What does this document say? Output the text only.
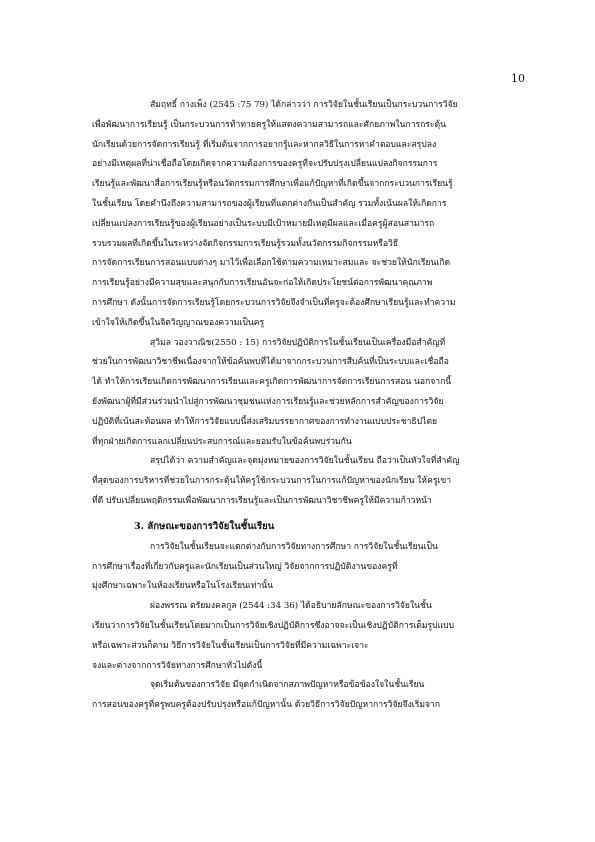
10
สัมฤทธิ์ กางเพ็ง (2545 :75 79) ได้กล่าวว่า การวิจัยในชั้นเรียนเป็นกระบวนการวิจัย
เพื่อพัฒนาการเรียนรู้ เป็นกระบวนการท้าทายครูให้แสดงความสามารถและศักยภาพในการกระตุ้น
นักเรียนด้วยการจัดการเรียนรู้ ที่เริ่มต้นจากการอยากรู้และหากลวิธีในการหาคำตอบและสรุปลง
อย่างมีเหตุผลที่น่าเชื่อถือโดยเกิดจากความต้องการของครูที่จะปรับปรุงเปลี่ยนแปลงกิจกรรมการ
เรียนรู้และพัฒนาสื่อการเรียนรู้หรือนวัตกรรมการศึกษาเพื่อแก้ปัญหาที่เกิดขึ้นจากกระบวนการเรียนรู้
ในชั้นเรียน โดยคำนึงถึงความสามารถของผู้เรียนที่แตกต่างกันเป็นสำคัญ รวมทั้งเน้นผลให้เกิดการ
เปลี่ยนแปลงการเรียนรู้ของผู้เรียนอย่างเป็นระบบมีเป้าหมายมีเหตุมีผลและเมื่อครูผู้สอนสามารถ
รวบรวมผลที่เกิดขึ้นในระหว่างจัดกิจกรรมการเรียนรู้รวมทั้งนวัตกรรมกิจกรรมหรือวิธี
การจัดการเรียนการสอนแบบต่างๆ มาไว้เพื่อเลือกใช้ตามความเหมาะสมและ จะช่วยให้นักเรียนเกิด
การเรียนรู้อย่างมีความสุขและสนุกกับการเรียนอันจะก่อให้เกิดประโยชน์ต่อการพัฒนาคุณภาพ
การศึกษา ดังนั้นการจัดการเรียนรู้โดยกระบวนการวิจัยจึงจำเป็นที่ครูจะต้องศึกษาเรียนรู้และทำความ
เข้าใจให้เกิดขึ้นในจิตวิญญาณของความเป็นครู
สุวิมล วองวาณิช(2550 : 15) การวิจัยปฏิบัติการในชั้นเรียนเป็นเครื่องมือสำคัญที่
ช่วยในการพัฒนาวิชาชีพเนื่องจากให้ข้อค้นพบที่ได้มาจากกระบวนการสืบค้นที่เป็นระบบและเชื่อถือ
ได้ ทำให้การเรียนเกิดการพัฒนาการเรียนและครูเกิดการพัฒนาการจัดการเรียนการสอน นอกจากนี้
ยังพัฒนาผู้ที่มีส่วนร่วมนำไปสู่การพัฒนาชุมชนแห่งการเรียนรู้และช่วยหลักการสำคัญของการวิจัย
ปฏิบัติที่เน้นสะท้อนผล ทำให้การวิจัยแบบนี้ส่งเสริมบรรยากาศของการทำงานแบบประชาธิปไตย
ที่ทุกฝ่ายเกิดการแลกเปลี่ยนประสบการณ์และยอมรับในข้อค้นพบร่วมกัน
สรุปได้ว่า ความสำคัญและจุดมุ่งหมายของการวิจัยในชั้นเรียน ถือว่าเป็นหัวใจที่สำคัญ
ที่สุดของการบริหารที่ช่วยในการกระตุ้นให้ครูใช้กระบวนการในการแก้ปัญหาของนักเรียน ให้ครูเขา
ที่ดี ปรับเปลี่ยนพฤติกรรมเพื่อพัฒนาการเรียนรู้และเป็นการพัฒนาวิชาชีพครูให้มีความก้าวหน้า
3. ลักษณะของการวิจัยในชั้นเรียน
การวิจัยในชั้นเรียนจะแตกต่างกับการวิจัยทางการศึกษา การวิจัยในชั้นเรียนเป็น
การศึกษาเรื่องที่เกี่ยวกับครูและนักเรียนเป็นส่วนใหญ่ วิจัยจากการปฏิบัติงานของครูที่
มุ่งศึกษาเฉพาะในห้องเรียนหรือในโรงเรียนเท่านั้น
ผ่องพรรณ ตรัยมงคลกูล (2544 :34 36) ได้อธิบายลักษณะของการวิจัยในชั้น
เรียนว่าการวิจัยในชั้นเรียนโดยมากเป็นการวิจัยเชิงปฏิบัติการซึ่งอาจจะเป็นเชิงปฏิบัติการเต็มรูปแบบ
หรือเฉพาะส่วนก็ตาม วิธีการวิจัยในชั้นเรียนเป็นการวิจัยที่มีความเฉพาะเจาะ
จงและต่างจากการวิจัยทางการศึกษาทั่วไปดังนี้
จุดเริ่มต้นของการวิจัย มีจุดกำเนิดจากสภาพปัญหาหรือข้อข้องใจในชั้นเรียน
การสอนของครูที่ครูพบครูต้องปรับปรุงหรือแก้ปัญหานั้น ด้วยวิธีการวิจัยปัญหาการวิจัยจึงเริ่มจาก
